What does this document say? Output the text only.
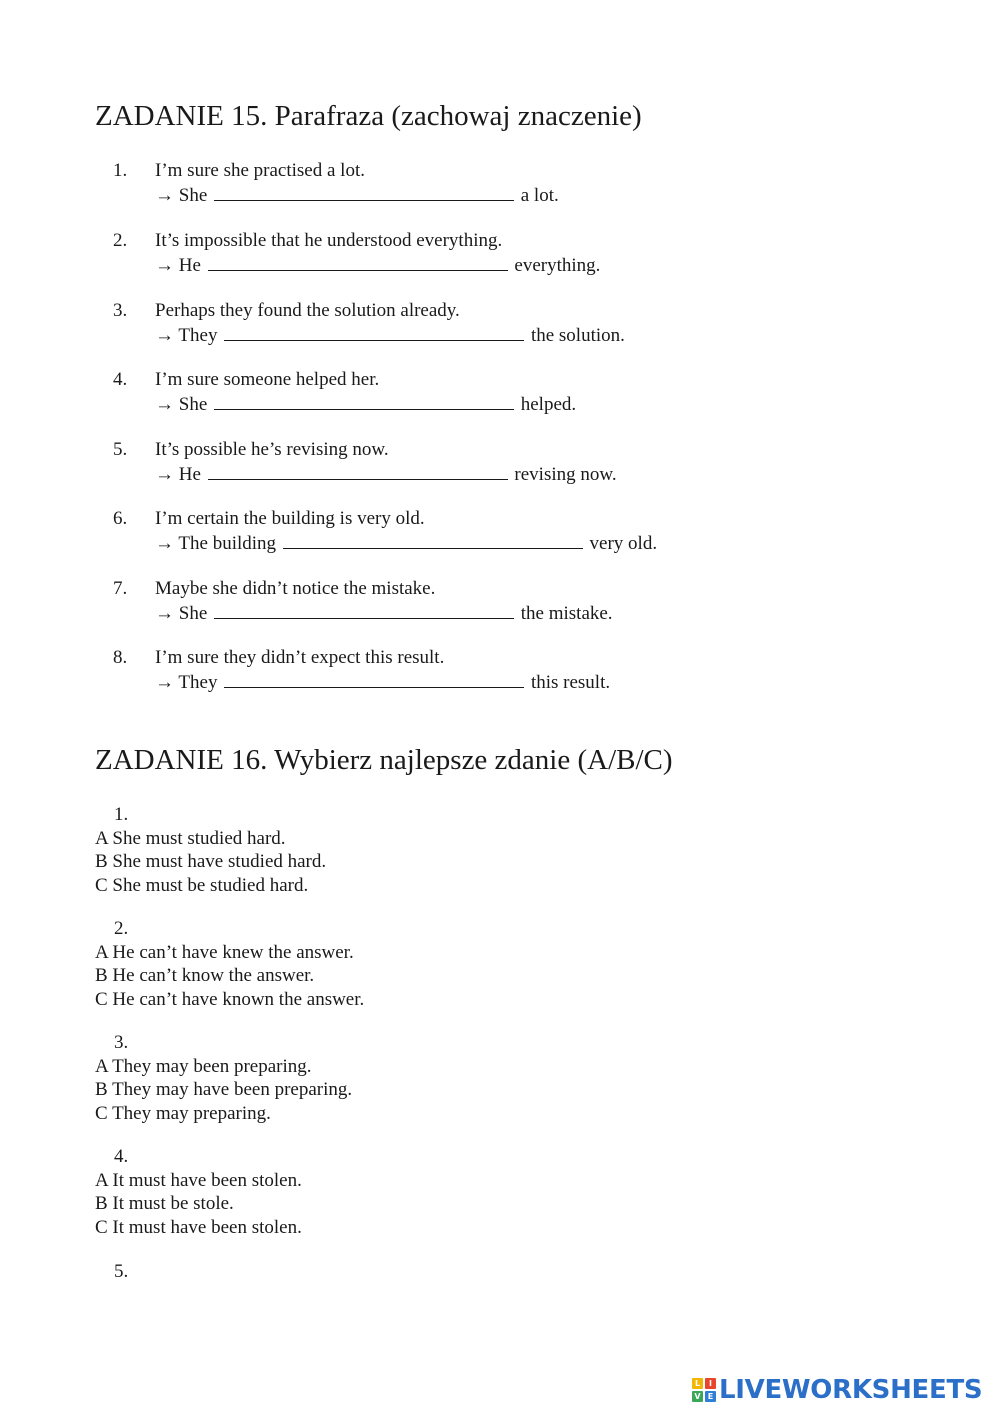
ZADANIE 15. Parafraza (zachowaj znaczenie)
1.	I’m sure she practised a lot.
→ She	a lot.
2.	It’s impossible that he understood everything.
→ He	everything.
3.	Perhaps they found the solution already.
→ They	the solution.
4.	I’m sure someone helped her.
→ She	helped.
5.	It’s possible he’s revising now.
→ He	revising now.
6.	I’m certain the building is very old.
→ The building	very old.
7.	Maybe she didn’t notice the mistake.
→ She	the mistake.
8.	I’m sure they didn’t expect this result.
→ They	this result.
ZADANIE 16. Wybierz najlepsze zdanie (A/B/C)
1.
A She must studied hard.
B She must have studied hard.
C She must be studied hard.
2.
A He can’t have knew the answer.
B He can’t know the answer.
C He can’t have known the answer.
3.
A They may been preparing.
B They may have been preparing.
C They may preparing.
4.
A It must have been stolen.
B It must be stole.
C It must have been stolen.
5.
L	I
V E LIVEWORKSHEETS
